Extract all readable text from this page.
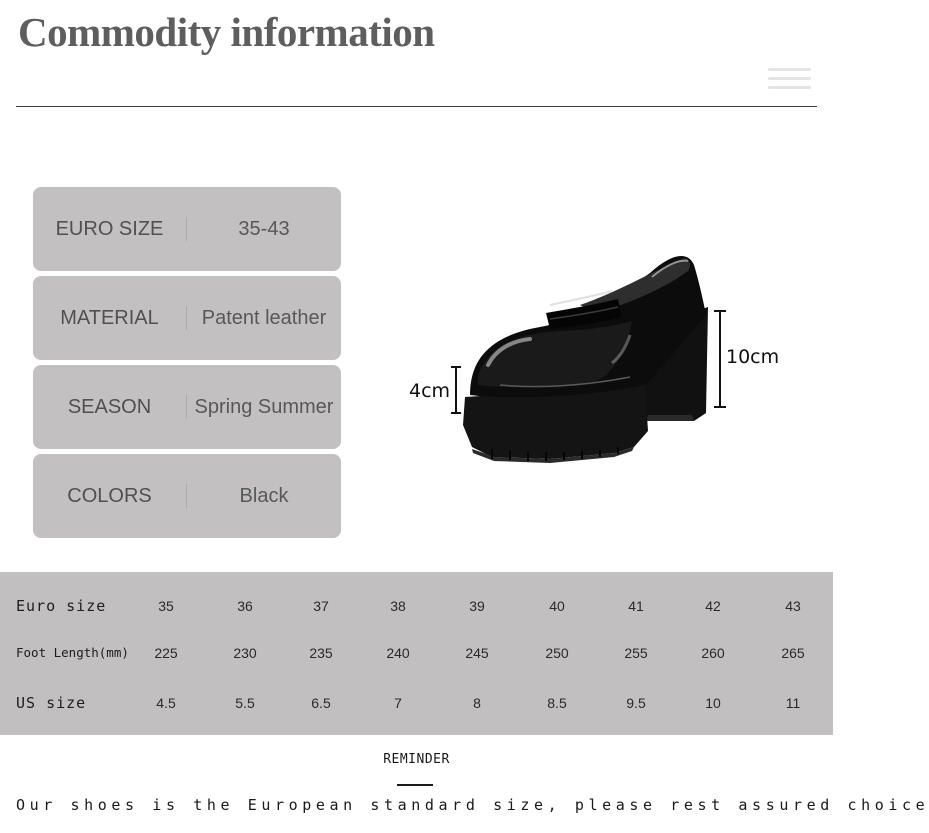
Commodity information
EURO SIZE	35-43
MATERIAL	Patent leather
SEASON	Spring Summer
COLORS	Black
10cm
4cm
Euro size	35	36	37	38	39	40	41	42	43
Foot Length(mm)	225	230	235	240	245	250	255	260	265
US size	4.5	5.5	6.5	7	8	8.5	9.5	10	11
REMINDER
Our shoes is the European standard size, please rest assured choice
